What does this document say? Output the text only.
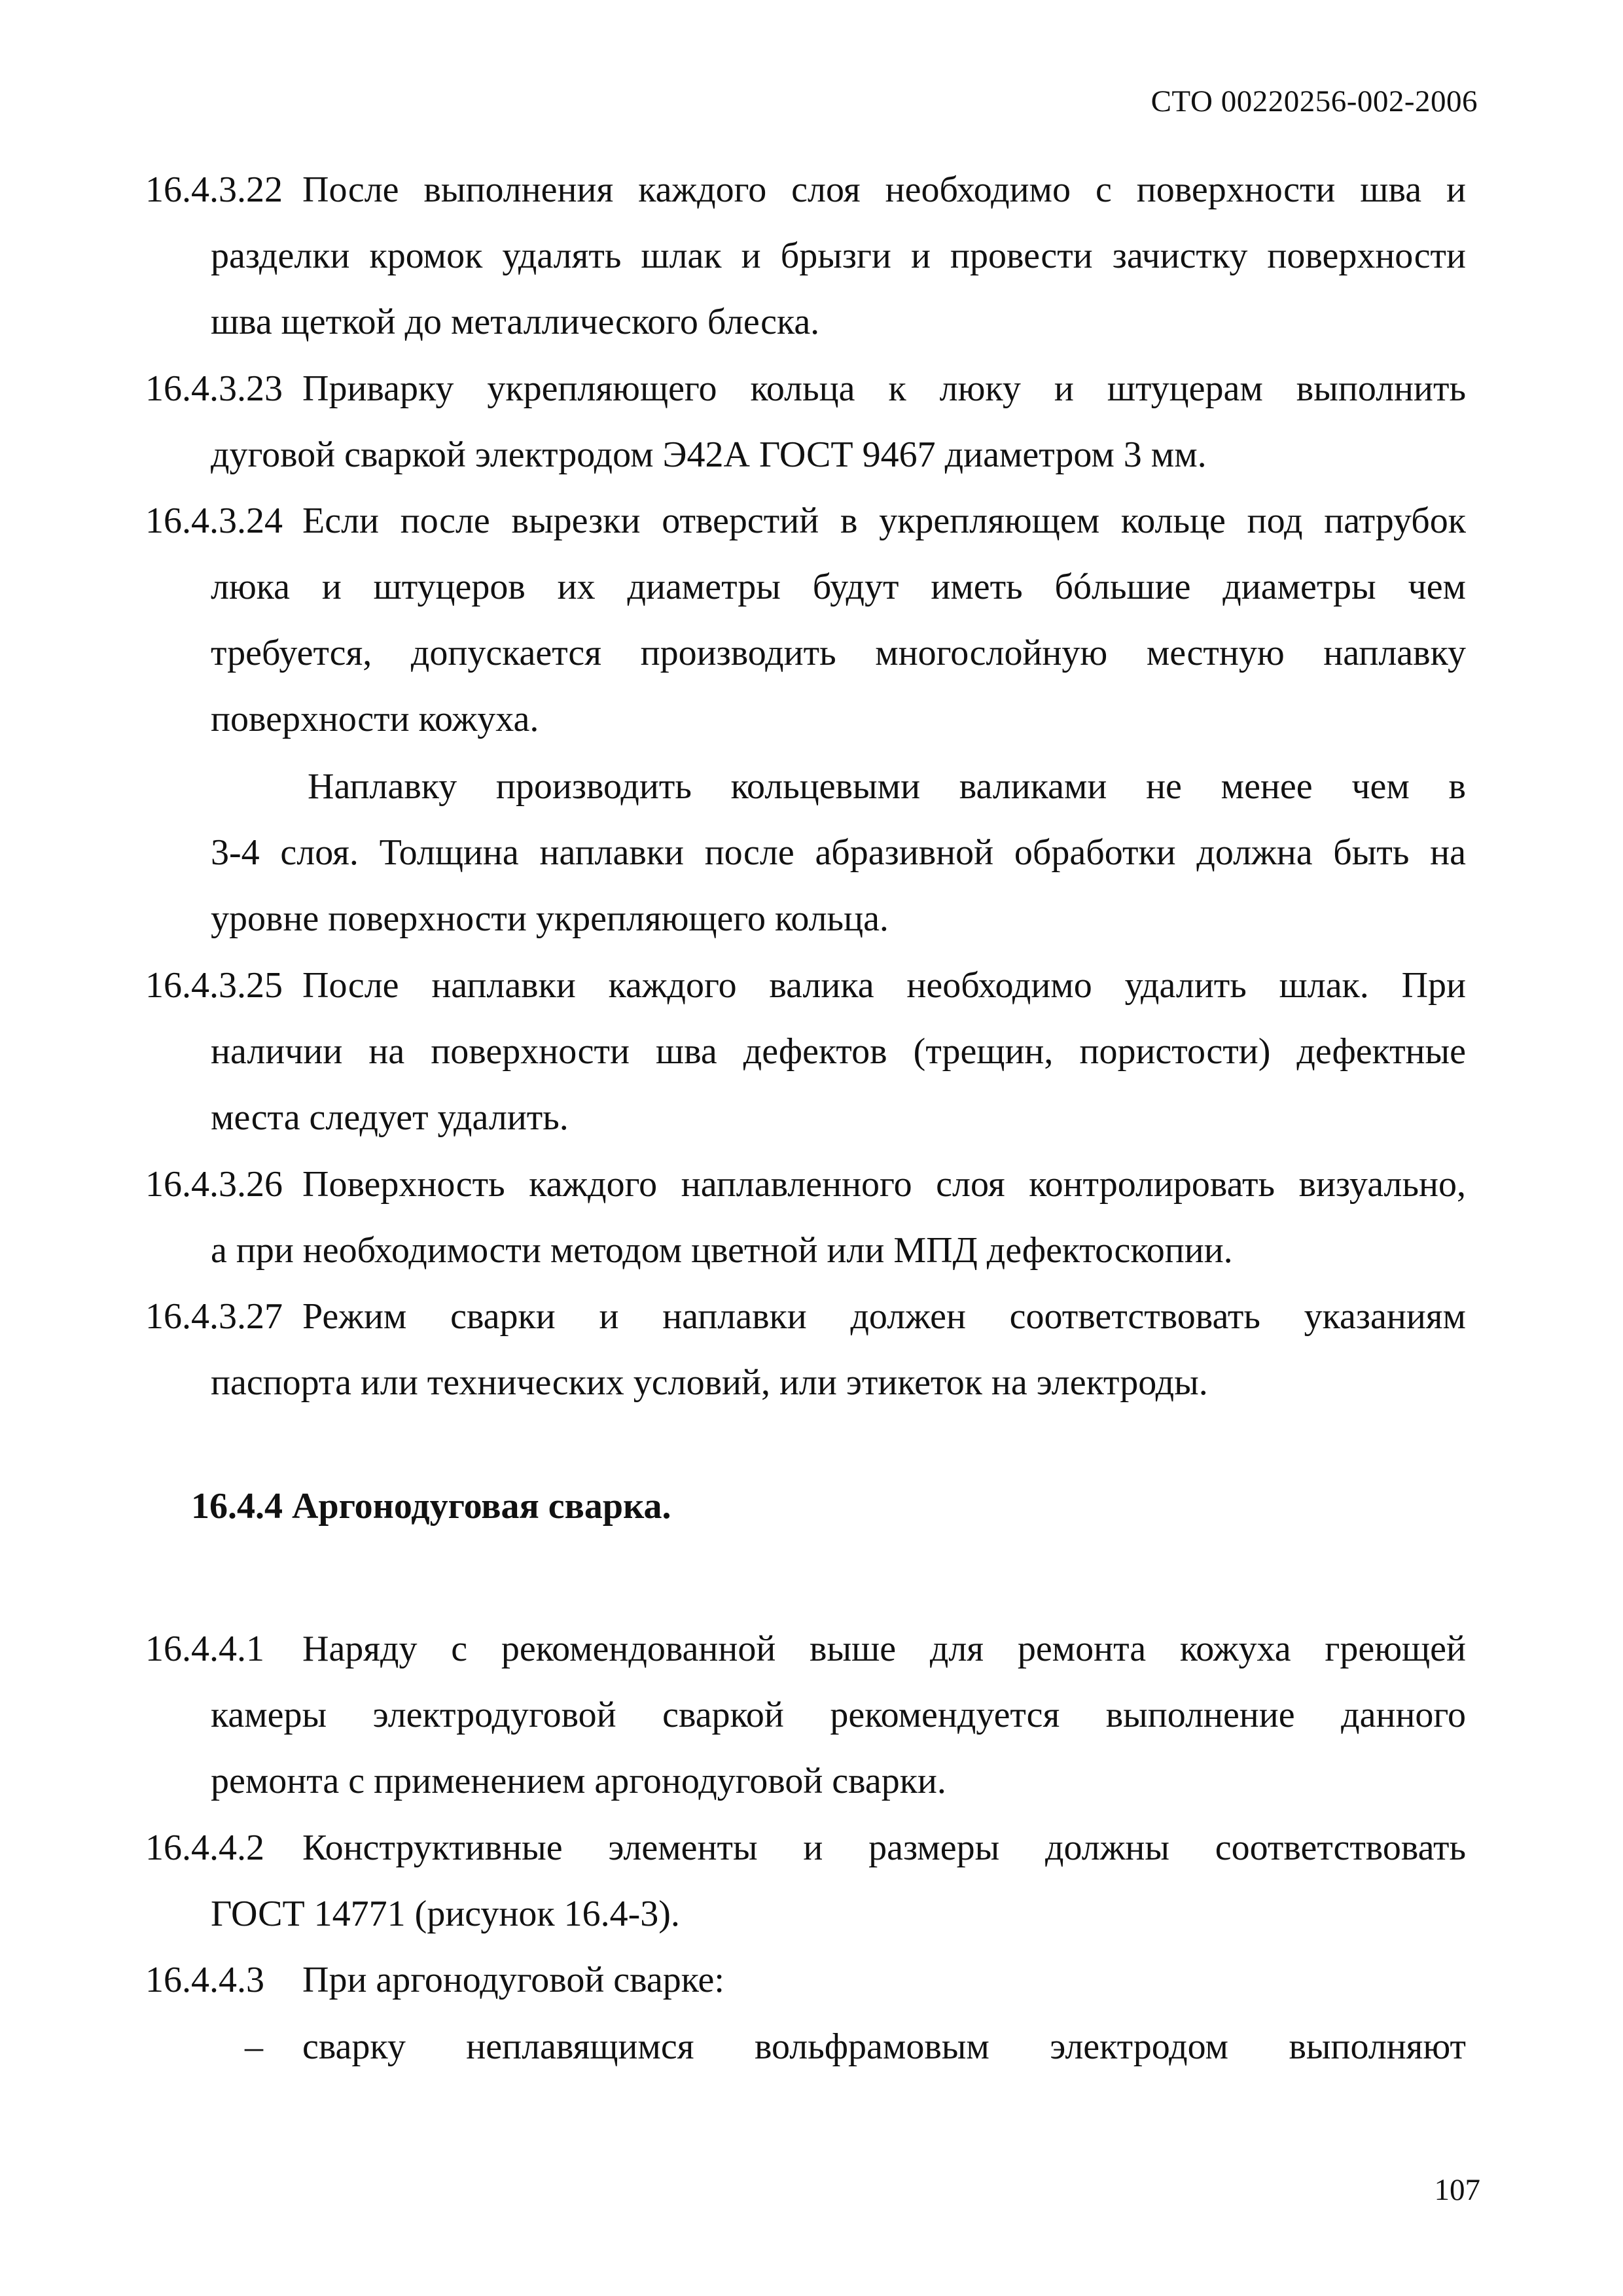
СТО 00220256-002-2006
16.4.3.22 После выполнения каждого слоя необходимо с поверхности шва и
разделки кромок удалять шлак и брызги и провести зачистку поверхности
шва щеткой до металлического блеска.
16.4.3.23 Приварку укрепляющего кольца к люку и штуцерам выполнить
дуговой сваркой электродом Э42А ГОСТ 9467 диаметром 3 мм.
16.4.3.24 Если после вырезки отверстий в укрепляющем кольце под патрубок
люка и штуцеров их диаметры будут иметь бóльшие диаметры чем
требуется, допускается производить многослойную местную наплавку
поверхности кожуха.
Наплавку производить кольцевыми валиками не менее чем в
3-4 слоя. Толщина наплавки после абразивной обработки должна быть на
уровне поверхности укрепляющего кольца.
16.4.3.25 После наплавки каждого валика необходимо удалить шлак. При
наличии на поверхности шва дефектов (трещин, пористости) дефектные
места следует удалить.
16.4.3.26 Поверхность каждого наплавленного слоя контролировать визуально,
а при необходимости методом цветной или МПД дефектоскопии.
16.4.3.27 Режим сварки и наплавки должен соответствовать указаниям
паспорта или технических условий, или этикеток на электроды.
16.4.4 Аргонодуговая сварка.
16.4.4.1 Наряду с рекомендованной выше для ремонта кожуха греющей
камеры электродуговой сваркой рекомендуется выполнение данного
ремонта с применением аргонодуговой сварки.
16.4.4.2 Конструктивные элементы и размеры должны соответствовать
ГОСТ 14771 (рисунок 16.4-3).
16.4.4.3 При аргонодуговой сварке:
–	сварку неплавящимся вольфрамовым электродом выполняют
107
